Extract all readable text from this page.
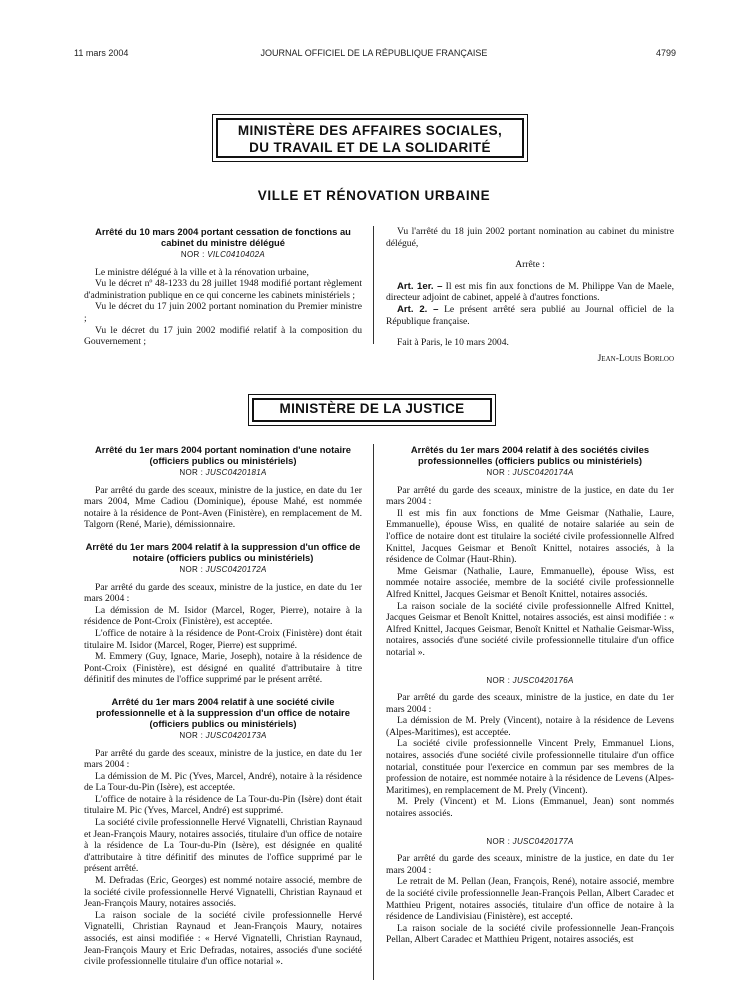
11 mars 2004	JOURNAL OFFICIEL DE LA RÉPUBLIQUE FRANÇAISE	4799
MINISTÈRE DES AFFAIRES SOCIALES,
DU TRAVAIL ET DE LA SOLIDARITÉ
VILLE ET RÉNOVATION URBAINE

Arrêté du 10 mars 2004 portant cessation de fonctions au cabinet du ministre délégué

NOR : VILC0410402A

Le ministre délégué à la ville et à la rénovation urbaine,

Vu le décret nº 48-1233 du 28 juillet 1948 modifié portant règlement d'administration publique en ce qui concerne les cabinets ministériels ;

Vu le décret du 17 juin 2002 portant nomination du Premier ministre ;

Vu le décret du 17 juin 2002 modifié relatif à la composition du Gouvernement ;

Vu l'arrêté du 18 juin 2002 portant nomination au cabinet du ministre délégué,

Arrête :

Art. 1er. – Il est mis fin aux fonctions de M. Philippe Van de Maele, directeur adjoint de cabinet, appelé à d'autres fonctions.

Art. 2. – Le présent arrêté sera publié au Journal officiel de la République française.

Fait à Paris, le 10 mars 2004.

Jean-Louis Borloo

MINISTÈRE DE LA JUSTICE

Arrêté du 1er mars 2004 portant nomination d'une notaire (officiers publics ou ministériels)

NOR : JUSC0420181A

Par arrêté du garde des sceaux, ministre de la justice, en date du 1er mars 2004, Mme Cadiou (Dominique), épouse Mahé, est nommée notaire à la résidence de Pont-Aven (Finistère), en remplacement de M. Talgorn (René, Marie), démissionnaire.

Arrêté du 1er mars 2004 relatif à la suppression d'un office de notaire (officiers publics ou ministériels)

NOR : JUSC0420172A

Par arrêté du garde des sceaux, ministre de la justice, en date du 1er mars 2004 :

La démission de M. Isidor (Marcel, Roger, Pierre), notaire à la résidence de Pont-Croix (Finistère), est acceptée.

L'office de notaire à la résidence de Pont-Croix (Finistère) dont était titulaire M. Isidor (Marcel, Roger, Pierre) est supprimé.

M. Emmery (Guy, Ignace, Marie, Joseph), notaire à la résidence de Pont-Croix (Finistère), est désigné en qualité d'attributaire à titre définitif des minutes de l'office supprimé par le présent arrêté.

Arrêté du 1er mars 2004 relatif à une société civile professionnelle et à la suppression d'un office de notaire (officiers publics ou ministériels)

NOR : JUSC0420173A

Par arrêté du garde des sceaux, ministre de la justice, en date du 1er mars 2004 :

La démission de M. Pic (Yves, Marcel, André), notaire à la résidence de La Tour-du-Pin (Isère), est acceptée.

L'office de notaire à la résidence de La Tour-du-Pin (Isère) dont était titulaire M. Pic (Yves, Marcel, André) est supprimé.

La société civile professionnelle Hervé Vignatelli, Christian Raynaud et Jean-François Maury, notaires associés, titulaire d'un office de notaire à la résidence de La Tour-du-Pin (Isère), est désignée en qualité d'attributaire à titre définitif des minutes de l'office supprimé par le présent arrêté.

M. Defradas (Eric, Georges) est nommé notaire associé, membre de la société civile professionnelle Hervé Vignatelli, Christian Raynaud et Jean-François Maury, notaires associés.

La raison sociale de la société civile professionnelle Hervé Vignatelli, Christian Raynaud et Jean-François Maury, notaires associés, est ainsi modifiée : « Hervé Vignatelli, Christian Raynaud, Jean-François Maury et Eric Defradas, notaires, associés d'une société civile professionnelle titulaire d'un office notarial ».

Arrêtés du 1er mars 2004 relatif à des sociétés civiles professionnelles (officiers publics ou ministériels)

NOR : JUSC0420174A

Par arrêté du garde des sceaux, ministre de la justice, en date du 1er mars 2004 :

Il est mis fin aux fonctions de Mme Geismar (Nathalie, Laure, Emmanuelle), épouse Wiss, en qualité de notaire salariée au sein de l'office de notaire dont est titulaire la société civile professionnelle Alfred Knittel, Jacques Geismar et Benoît Knittel, notaires associés, à la résidence de Colmar (Haut-Rhin).

Mme Geismar (Nathalie, Laure, Emmanuelle), épouse Wiss, est nommée notaire associée, membre de la société civile professionnelle Alfred Knittel, Jacques Geismar et Benoît Knittel, notaires associés.

La raison sociale de la société civile professionnelle Alfred Knittel, Jacques Geismar et Benoît Knittel, notaires associés, est ainsi modifiée : « Alfred Knittel, Jacques Geismar, Benoît Knittel et Nathalie Geismar-Wiss, notaires, associés d'une société civile professionnelle titulaire d'un office notarial ».

NOR : JUSC0420176A

Par arrêté du garde des sceaux, ministre de la justice, en date du 1er mars 2004 :

La démission de M. Prely (Vincent), notaire à la résidence de Levens (Alpes-Maritimes), est acceptée.

La société civile professionnelle Vincent Prely, Emmanuel Lions, notaires, associés d'une société civile professionnelle titulaire d'un office notarial, constituée pour l'exercice en commun par ses membres de la profession de notaire, est nommée notaire à la résidence de Levens (Alpes-Maritimes), en remplacement de M. Prely (Vincent).

M. Prely (Vincent) et M. Lions (Emmanuel, Jean) sont nommés notaires associés.

NOR : JUSC0420177A

Par arrêté du garde des sceaux, ministre de la justice, en date du 1er mars 2004 :

Le retrait de M. Pellan (Jean, François, René), notaire associé, membre de la société civile professionnelle Jean-François Pellan, Albert Caradec et Matthieu Prigent, notaires associés, titulaire d'un office de notaire à la résidence de Landivisiau (Finistère), est accepté.

La raison sociale de la société civile professionnelle Jean-François Pellan, Albert Caradec et Matthieu Prigent, notaires associés, est
